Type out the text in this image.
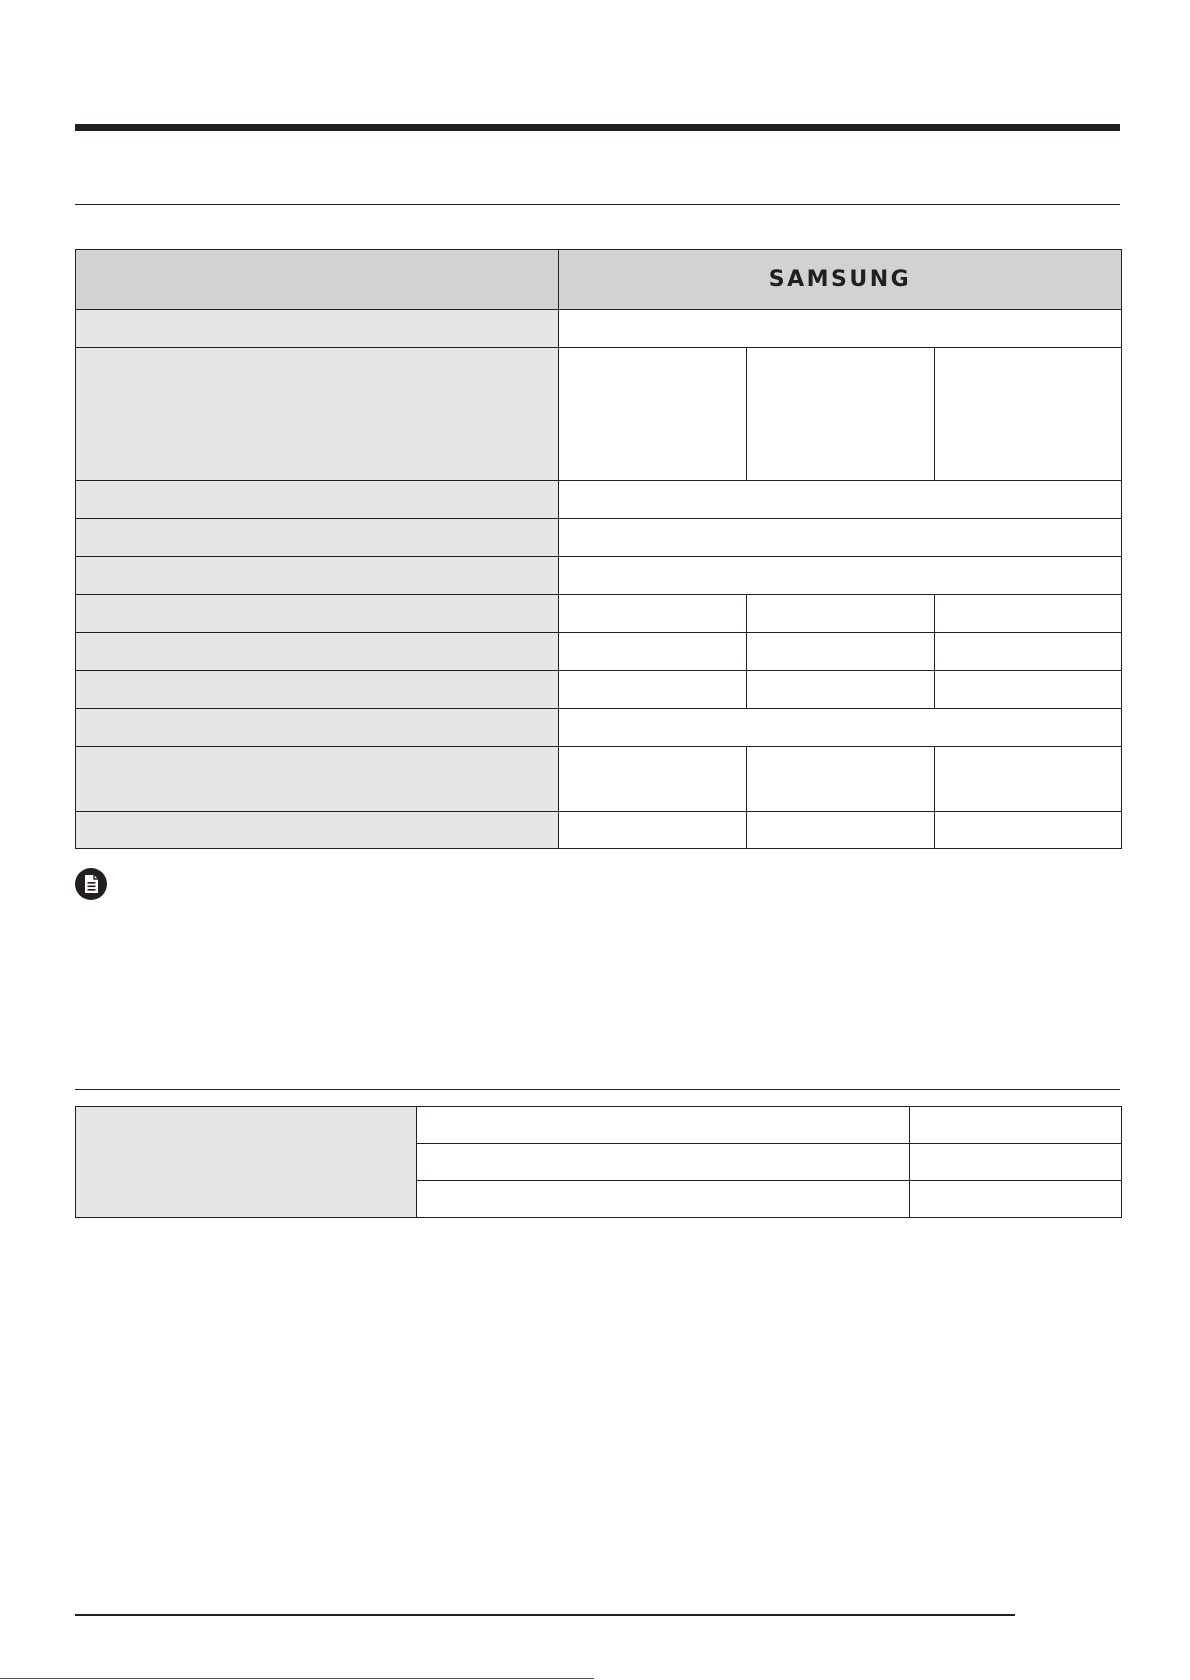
	SAMSUNG		
